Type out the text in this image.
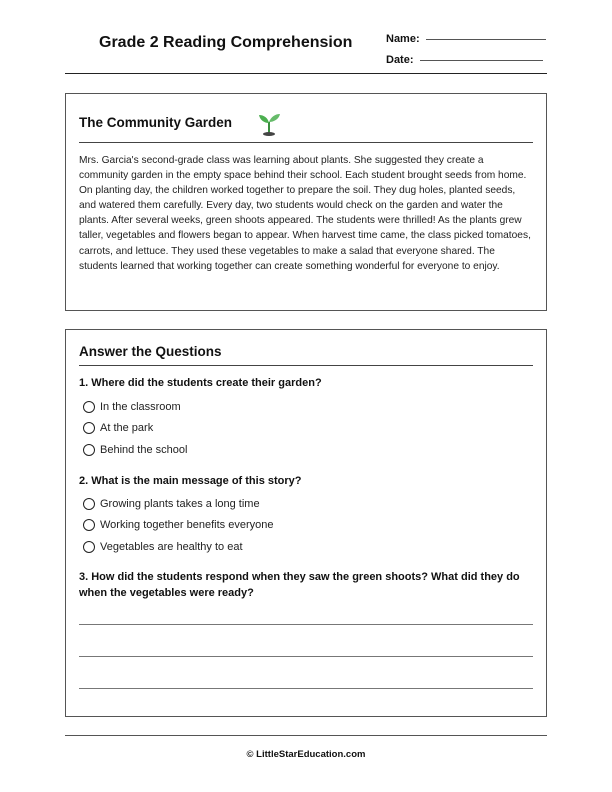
Grade 2 Reading Comprehension	Name:
Date:
The Community Garden
Mrs. Garcia's second-grade class was learning about plants. She suggested they create a community garden in the empty space behind their school. Each student brought seeds from home. On planting day, the children worked together to prepare the soil. They dug holes, planted seeds, and watered them carefully. Every day, two students would check on the garden and water the plants. After several weeks, green shoots appeared. The students were thrilled! As the plants grew taller, vegetables and flowers began to appear. When harvest time came, the class picked tomatoes, carrots, and lettuce. They used these vegetables to make a salad that everyone shared. The students learned that working together can create something wonderful for everyone to enjoy.
Answer the Questions
1. Where did the students create their garden?
In the classroom
At the park
Behind the school
2. What is the main message of this story?
Growing plants takes a long time
Working together benefits everyone
Vegetables are healthy to eat
3. How did the students respond when they saw the green shoots? What did they do when the vegetables were ready?
© LittleStarEducation.com
